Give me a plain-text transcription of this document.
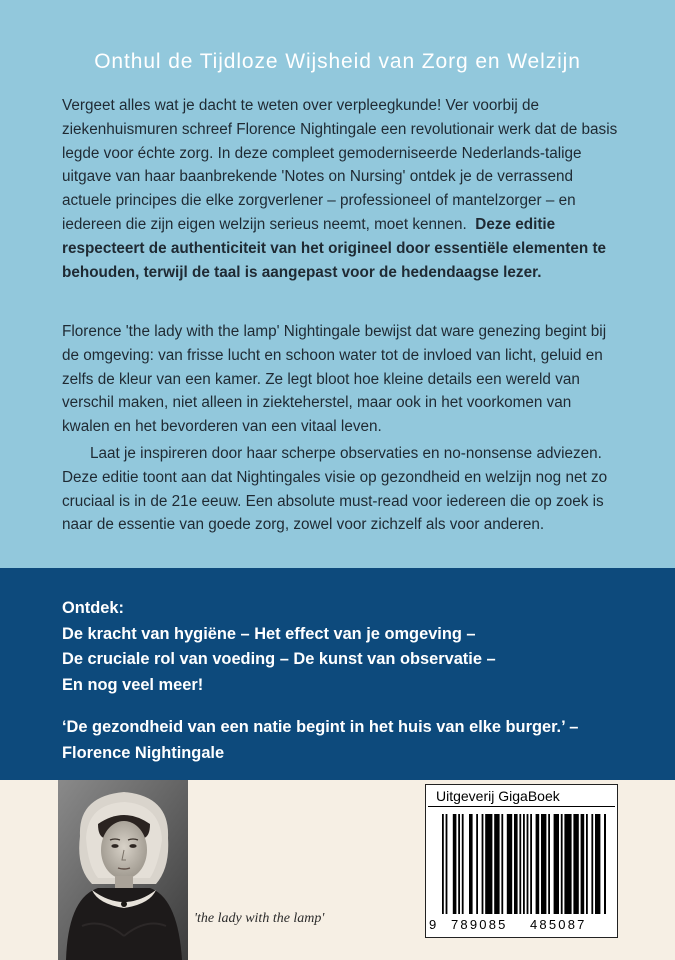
Onthul de Tijdloze Wijsheid van Zorg en Welzijn
Vergeet alles wat je dacht te weten over verpleegkunde! Ver voorbij de ziekenhuismuren schreef Florence Nightingale een revolutionair werk dat de basis legde voor échte zorg. In deze compleet gemoderniseerde Nederlands-talige uitgave van haar baanbrekende 'Notes on Nursing' ontdek je de verrassend actuele principes die elke zorgverlener – professioneel of mantelzorger – en iedereen die zijn eigen welzijn serieus neemt, moet kennen. Deze editie respecteert de authenticiteit van het origineel door essentiële elementen te behouden, terwijl de taal is aangepast voor de hedendaagse lezer.
Florence 'the lady with the lamp' Nightingale bewijst dat ware genezing begint bij de omgeving: van frisse lucht en schoon water tot de invloed van licht, geluid en zelfs de kleur van een kamer. Ze legt bloot hoe kleine details een wereld van verschil maken, niet alleen in ziekteherstel, maar ook in het voorkomen van kwalen en het bevorderen van een vitaal leven.
Laat je inspireren door haar scherpe observaties en no-nonsense adviezen. Deze editie toont aan dat Nightingales visie op gezondheid en welzijn nog net zo cruciaal is in de 21e eeuw. Een absolute must-read voor iedereen die op zoek is naar de essentie van goede zorg, zowel voor zichzelf als voor anderen.
Ontdek:
De kracht van hygiëne – Het effect van je omgeving –
De cruciale rol van voeding – De kunst van observatie –
En nog veel meer!
‘De gezondheid van een natie begint in het huis van elke burger.’ – Florence Nightingale
'the lady with the lamp'
Uitgeverij GigaBoek
9 789085 485087
